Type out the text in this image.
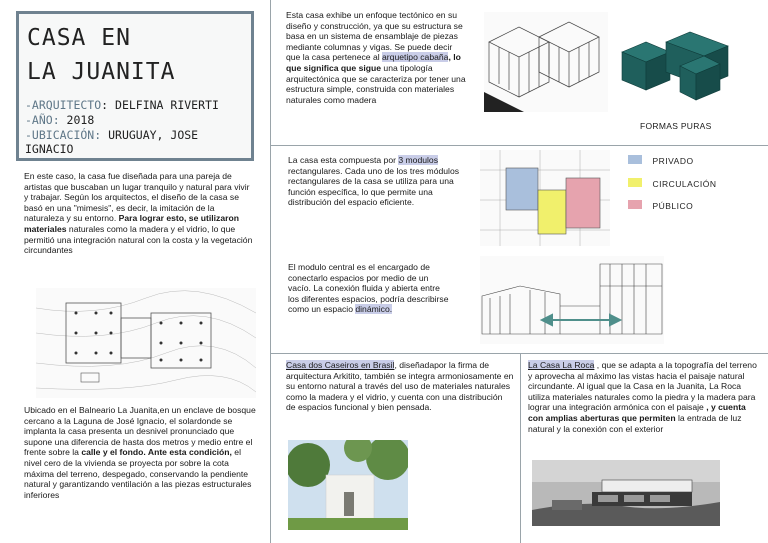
CASA EN
LA JUANITA
-ARQUITECTO: DELFINA RIVERTI
-AÑO: 2018
-UBICACIÓN: URUGUAY, JOSE IGNACIO
En este caso, la casa fue diseñada para una pareja de artistas que buscaban un lugar tranquilo y natural para vivir y trabajar. Según los arquitectos, el diseño de la casa se basó en una "mimesis", es decir, la imitación de la naturaleza y su entorno. Para lograr esto, se utilizaron materiales naturales como la madera y el vidrio, lo que permitió una integración natural con la costa y la vegetación circundantes
Ubicado en el Balneario La Juanita,en un enclave de bosque cercano a la Laguna de José Ignacio, el solardonde se implanta la casa presenta un desnivel pronunciado que supone una diferencia de hasta dos metros y medio entre el frente sobre la calle y el fondo. Ante esta condición, el nivel cero de la vivienda se proyecta por sobre la cota máxima del terreno, despegado, conservando la pendiente natural y garantizando ventilación a las piezas estructurales inferiores
Esta casa exhibe un enfoque tectónico en su diseño y construcción, ya que su estructura se basa en un sistema de ensamblaje de piezas mediante columnas y vigas. Se puede decir que la casa pertenece al arquetipo cabaña, lo que significa que sigue una tipología arquitectónica que se caracteriza por tener una estructura simple, construida con materiales naturales como madera
FORMAS PURAS
La casa esta compuesta por 3 modulos rectangulares. Cada uno de los tres módulos rectangulares de la casa se utiliza para una función específica, lo que permite una distribución del espacio eficiente.
PRIVADO
CIRCULACIÓN
PÚBLICO
El modulo central es el encargado de conectarlo espacios por medio de un vacío. La conexión fluida y abierta entre los diferentes espacios, podría describirse como un espacio dinámico.
Casa dos Caseiros en Brasil, diseñadapor la firma de arquitectura Arkitito, también se integra armoniosamente en su entorno natural a través del uso de materiales naturales como la madera y el vidrio, y cuenta con una distribución de espacios funcional y bien pensada.
La Casa La Roca , que se adapta a la topografía del terreno y aprovecha al máximo las vistas hacia el paisaje natural circundante. Al igual que la Casa en la Juanita, La Roca utiliza materiales naturales como la piedra y la madera para lograr una integración armónica con el paisaje , y cuenta con amplias aberturas que permiten la entrada de luz natural y la conexión con el exterior
